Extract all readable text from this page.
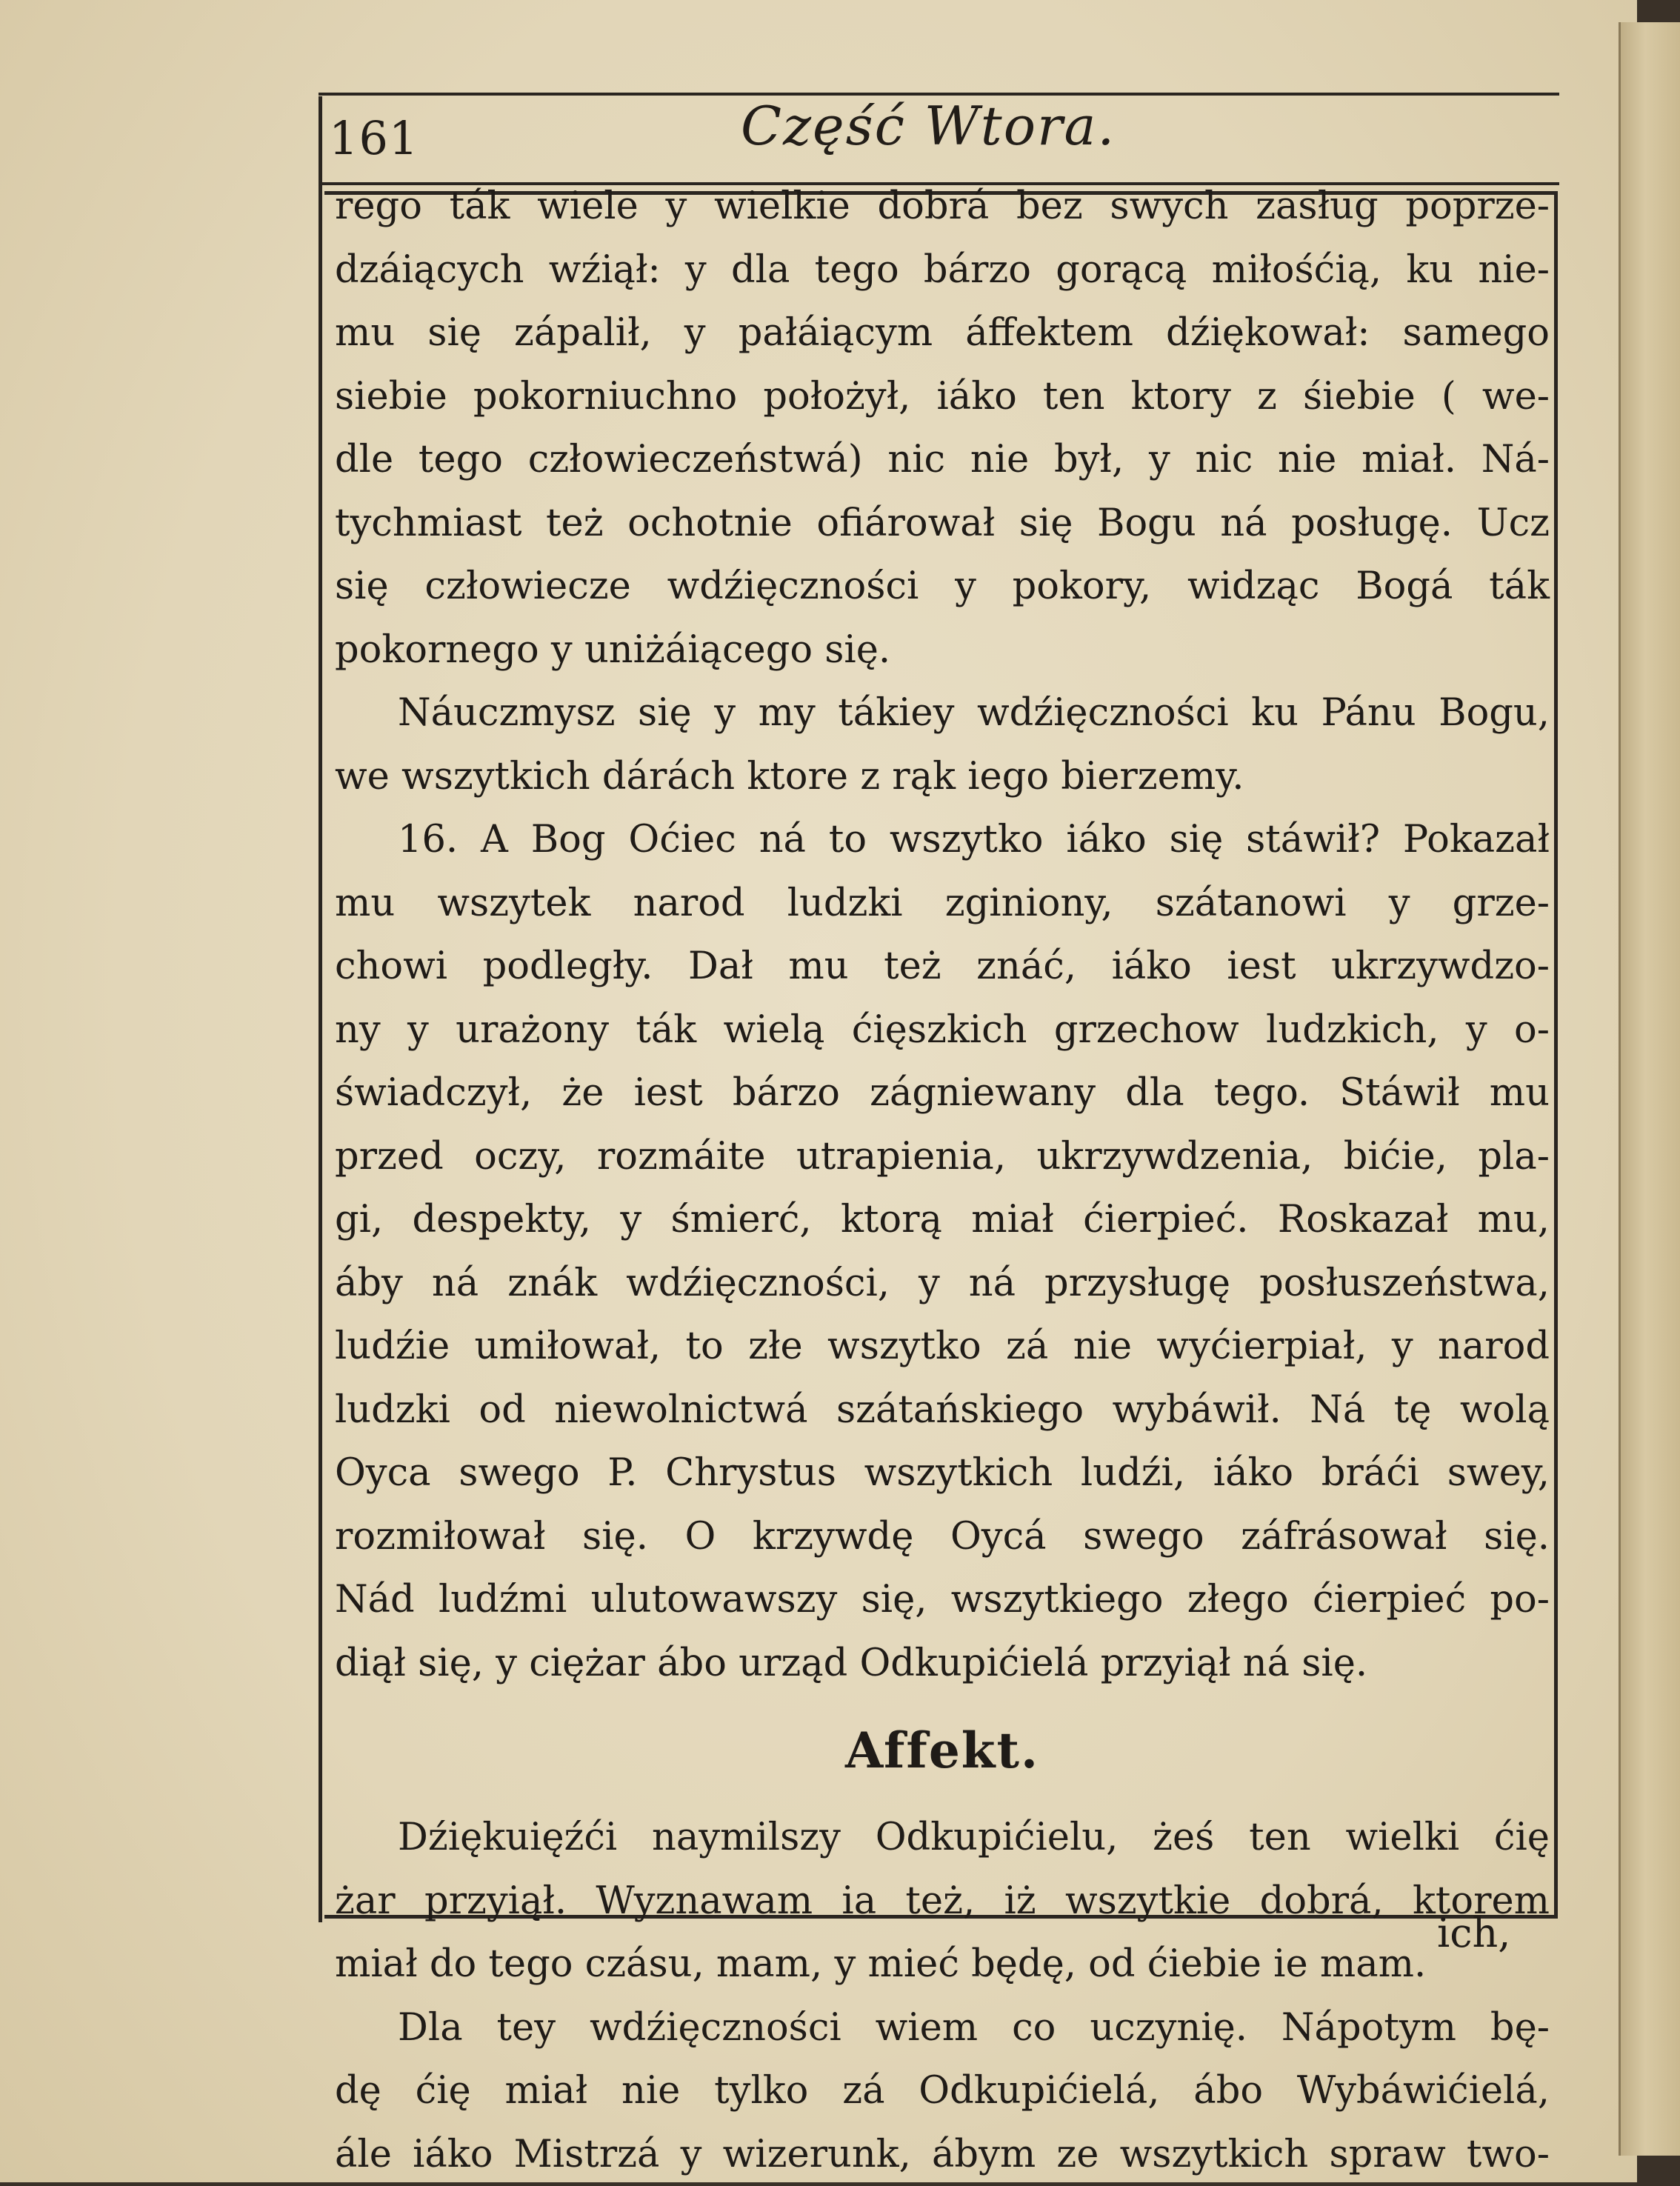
161	Część Wtora.
rego ták wiele y wielkie dobrá bez swych zasług poprze-
dzáiących wźiął: y dla tego bárzo gorącą miłośćią, ku nie-
mu się zápalił, y pałáiącym áffektem dźiękował: samego
siebie pokorniuchno położył, iáko ten ktory z śiebie ( we-
dle tego człowieczeństwá) nic nie był, y nic nie miał. Ná-
tychmiast też ochotnie ofiárował się Bogu ná posługę. Ucz
się człowiecze wdźięczności y pokory, widząc Bogá ták
pokornego y uniżáiącego się.
Náuczmysz się y my tákiey wdźięczności ku Pánu Bogu,
we wszytkich dárách ktore z rąk iego bierzemy.
16. A Bog Oćiec ná to wszytko iáko się stáwił? Pokazał
mu wszytek narod ludzki zginiony, szátanowi y grze-
chowi podległy. Dał mu też znáć, iáko iest ukrzywdzo-
ny y urażony ták wielą ćięszkich grzechow ludzkich, y o-
świadczył, że iest bárzo zágniewany dla tego. Stáwił mu
przed oczy, rozmáite utrapienia, ukrzywdzenia, bićie, pla-
gi, despekty, y śmierć, ktorą miał ćierpieć. Roskazał mu,
áby ná znák wdźięczności, y ná przysługę posłuszeństwa,
ludźie umiłował, to złe wszytko zá nie wyćierpiał, y narod
ludzki od niewolnictwá szátańskiego wybáwił. Ná tę wolą
Oyca swego P. Chrystus wszytkich ludźi, iáko bráći swey,
rozmiłował się. O krzywdę Oycá swego záfrásował się.
Nád ludźmi ulutowawszy się, wszytkiego złego ćierpieć po-
diął się, y ciężar ábo urząd Odkupićielá przyiął ná się.
Affekt.
Dźiękuięźći naymilszy Odkupićielu, żeś ten wielki ćię
żar przyiął. Wyznawam ia też, iż wszytkie dobrá, ktorem
miał do tego czásu, mam, y mieć będę, od ćiebie ie mam.
Dla tey wdźięczności wiem co uczynię. Nápotym bę-
dę ćię miał nie tylko zá Odkupićielá, ábo Wybáwićielá,
ále iáko Mistrzá y wizerunk, ábym ze wszytkich spraw two-
ich,
